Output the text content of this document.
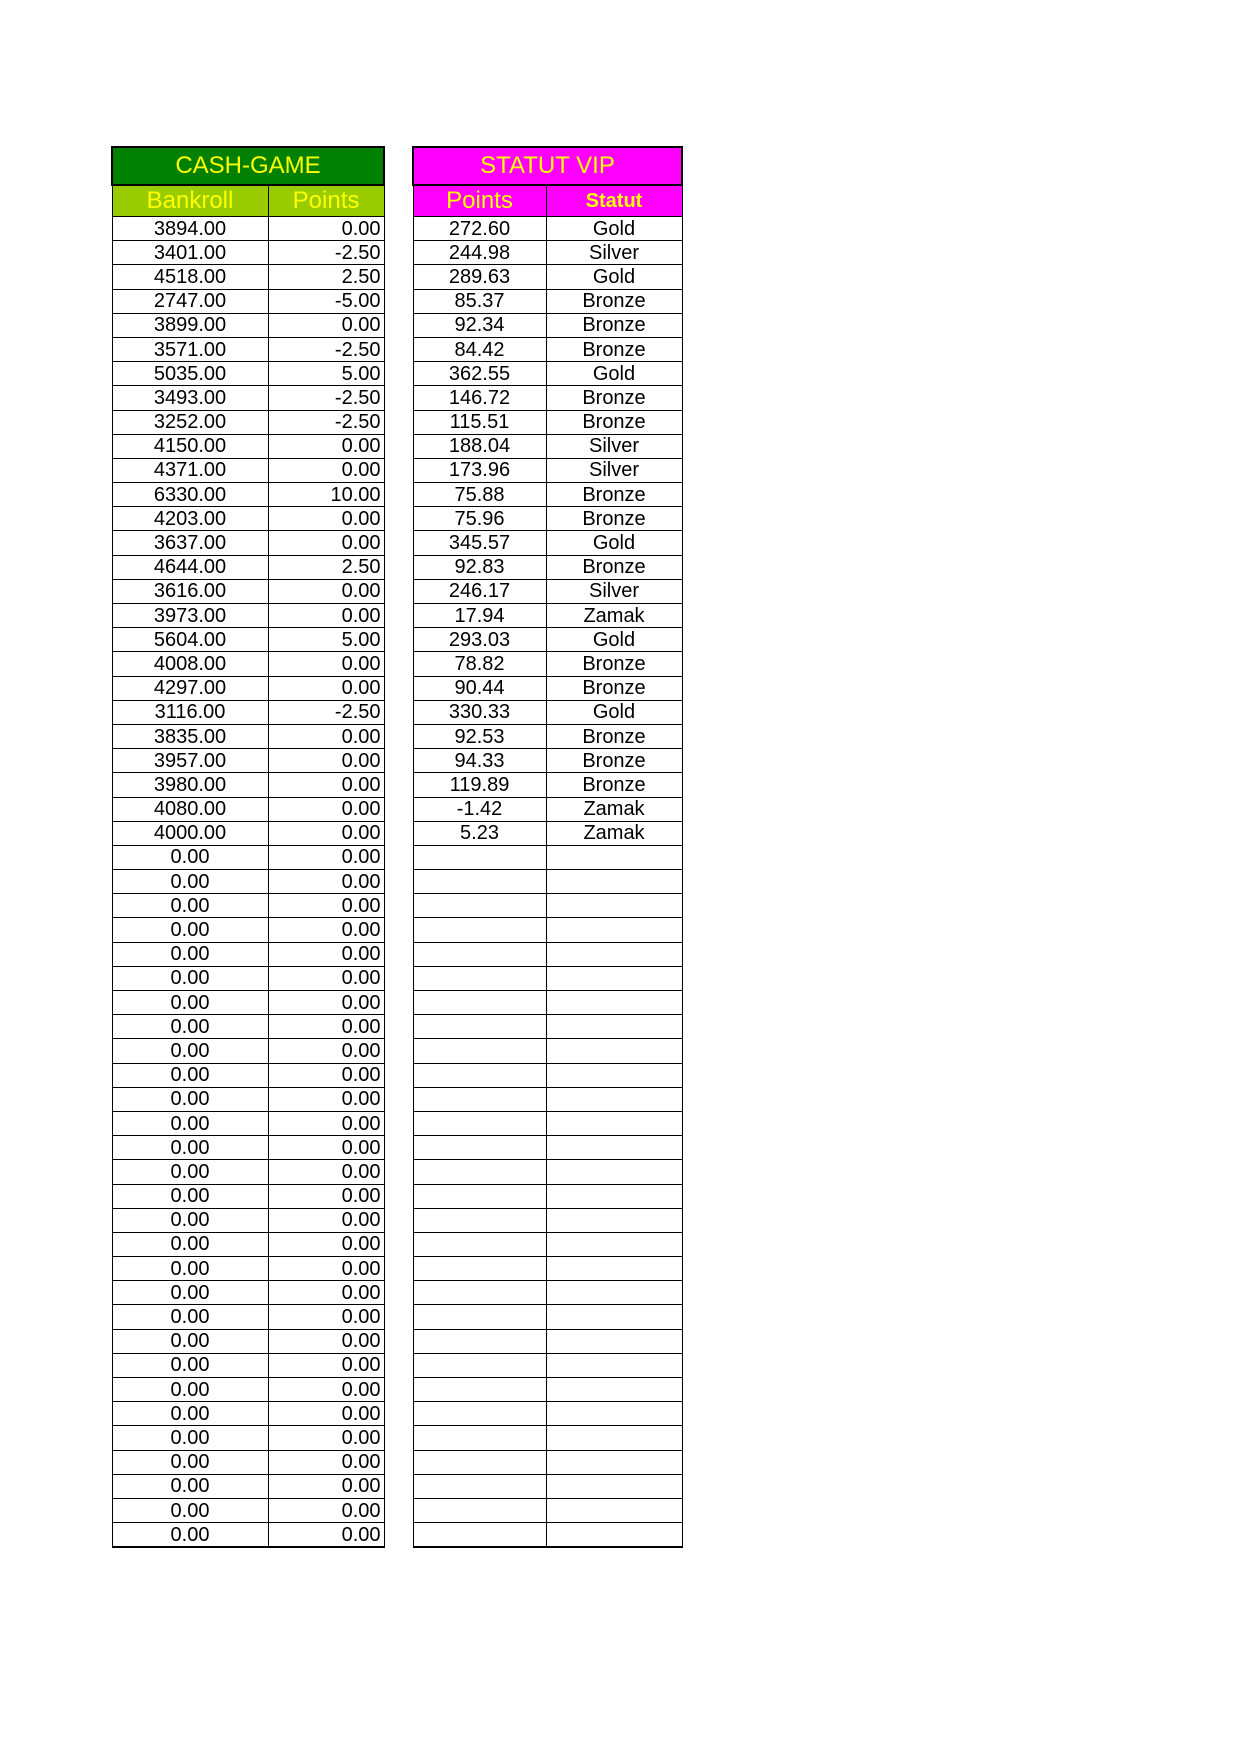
CASH-GAME	
Bankroll	Points
3894.00	0.00
3401.00	-2.50
4518.00	2.50
2747.00	-5.00
3899.00	0.00
3571.00	-2.50
5035.00	5.00
3493.00	-2.50
3252.00	-2.50
4150.00	0.00
4371.00	0.00
6330.00	10.00
4203.00	0.00
3637.00	0.00
4644.00	2.50
3616.00	0.00
3973.00	0.00
5604.00	5.00
4008.00	0.00
4297.00	0.00
3116.00	-2.50
3835.00	0.00
3957.00	0.00
3980.00	0.00
4080.00	0.00
4000.00	0.00
0.00	0.00
0.00	0.00
0.00	0.00
0.00	0.00
0.00	0.00
0.00	0.00
0.00	0.00
0.00	0.00
0.00	0.00
0.00	0.00
0.00	0.00
0.00	0.00
0.00	0.00
0.00	0.00
0.00	0.00
0.00	0.00
0.00	0.00
0.00	0.00
0.00	0.00
0.00	0.00
0.00	0.00
0.00	0.00
0.00	0.00
0.00	0.00
0.00	0.00
0.00	0.00
0.00	0.00
0.00	0.00
0.00	0.00
STATUT VIP	
Points	Statut
272.60	Gold
244.98	Silver
289.63	Gold
85.37	Bronze
92.34	Bronze
84.42	Bronze
362.55	Gold
146.72	Bronze
115.51	Bronze
188.04	Silver
173.96	Silver
75.88	Bronze
75.96	Bronze
345.57	Gold
92.83	Bronze
246.17	Silver
17.94	Zamak
293.03	Gold
78.82	Bronze
90.44	Bronze
330.33	Gold
92.53	Bronze
94.33	Bronze
119.89	Bronze
-1.42	Zamak
5.23	Zamak
